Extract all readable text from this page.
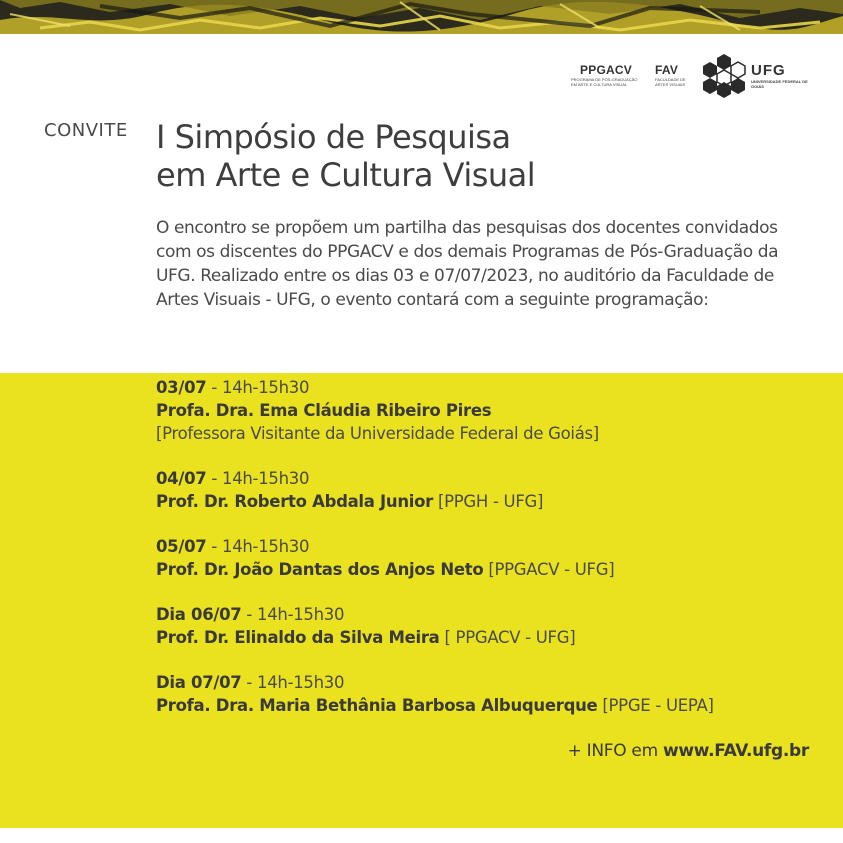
PPGACV
PROGRAMA DE PÓS-GRADUAÇÃO EM ARTE E CULTURA VISUAL
FAV
FACULDADE DE ARTES VISUAIS
UFG
UNIVERSIDADE FEDERAL DE GOIÁS
CONVITE I Simpósio de Pesquisa
em Arte e Cultura Visual

O encontro se propõem um partilha das pesquisas dos docentes convidados com os discentes do PPGACV e dos demais Programas de Pós-Graduação da UFG. Realizado entre os dias 03 e 07/07/2023, no auditório da Faculdade de Artes Visuais - UFG, o evento contará com a seguinte programação:

03/07 - 14h-15h30

Profa. Dra. Ema Cláudia Ribeiro Pires

[Professora Visitante da Universidade Federal de Goiás]

04/07 - 14h-15h30

Prof. Dr. Roberto Abdala Junior [PPGH - UFG]

05/07 - 14h-15h30

Prof. Dr. João Dantas dos Anjos Neto [PPGACV - UFG]

Dia 06/07 - 14h-15h30

Prof. Dr. Elinaldo da Silva Meira [ PPGACV - UFG]

Dia 07/07 - 14h-15h30

Profa. Dra. Maria Bethânia Barbosa Albuquerque [PPGE - UEPA]

+ INFO em www.FAV.ufg.br
